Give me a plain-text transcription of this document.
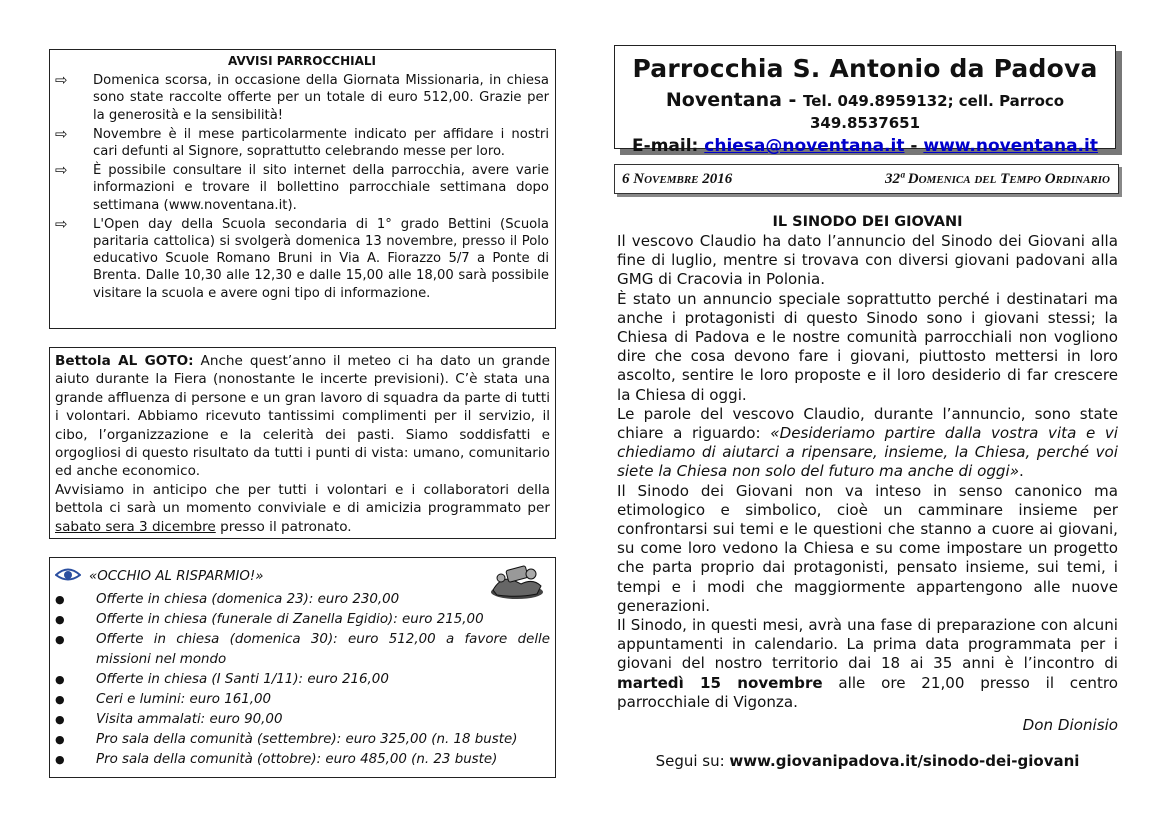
AVVISI PARROCCHIALI
⇨	Domenica scorsa, in occasione della Giornata Missionaria, in chiesa sono state raccolte offerte per un totale di euro 512,00. Grazie per la generosità e la sensibilità!
⇨	Novembre è il mese particolarmente indicato per affidare i nostri cari defunti al Signore, soprattutto celebrando messe per loro.
⇨	È possibile consultare il sito internet della parrocchia, avere varie informazioni e trovare il bollettino parrocchiale settimana dopo settimana (www.noventana.it).
⇨	L'Open day della Scuola secondaria di 1° grado Bettini (Scuola paritaria cattolica) si svolgerà domenica 13 novembre, presso il Polo educativo Scuole Romano Bruni in Via A. Fiorazzo 5/7 a Ponte di Brenta. Dalle 10,30 alle 12,30 e dalle 15,00 alle 18,00 sarà possibile visitare la scuola e avere ogni tipo di informazione.
Bettola AL GOTO: Anche quest’anno il meteo ci ha dato un grande aiuto durante la Fiera (nonostante le incerte previsioni). C’è stata una grande affluenza di persone e un gran lavoro di squadra da parte di tutti i volontari. Abbiamo ricevuto tantissimi complimenti per il servizio, il cibo, l’organizzazione e la celerità dei pasti. Siamo soddisfatti e orgogliosi di questo risultato da tutti i punti di vista: umano, comunitario ed anche economico.
Avvisiamo in anticipo che per tutti i volontari e i collaboratori della bettola ci sarà un momento conviviale e di amicizia programmato per sabato sera 3 dicembre presso il patronato.
«OCCHIO AL RISPARMIO!»
●	Offerte in chiesa (domenica 23): euro 230,00
●	Offerte in chiesa (funerale di Zanella Egidio): euro 215,00
●	Offerte in chiesa (domenica 30): euro 512,00 a favore delle missioni nel mondo
●	Offerte in chiesa (I Santi 1/11): euro 216,00
●	Ceri e lumini: euro 161,00
●	Visita ammalati: euro 90,00
●	Pro sala della comunità (settembre): euro 325,00 (n. 18 buste)
●	Pro sala della comunità (ottobre): euro 485,00 (n. 23 buste)
Parrocchia S. Antonio da Padova
Noventana - Tel. 049.8959132; cell. Parroco 349.8537651
E-mail: chiesa@noventana.it - www.noventana.it
6 Novembre 2016	32ª Domenica del Tempo Ordinario
IL SINODO DEI GIOVANI

Il vescovo Claudio ha dato l’annuncio del Sinodo dei Giovani alla fine di luglio, mentre si trovava con diversi giovani padovani alla GMG di Cracovia in Polonia.

È stato un annuncio speciale soprattutto perché i destinatari ma anche i protagonisti di questo Sinodo sono i giovani stessi; la Chiesa di Padova e le nostre comunità parrocchiali non vogliono dire che cosa devono fare i giovani, piuttosto mettersi in loro ascolto, sentire le loro proposte e il loro desiderio di far crescere la Chiesa di oggi.

Le parole del vescovo Claudio, durante l’annuncio, sono state chiare a riguardo: «Desideriamo partire dalla vostra vita e vi chiediamo di aiutarci a ripensare, insieme, la Chiesa, perché voi siete la Chiesa non solo del futuro ma anche di oggi».

Il Sinodo dei Giovani non va inteso in senso canonico ma etimologico e simbolico, cioè un camminare insieme per confrontarsi sui temi e le questioni che stanno a cuore ai giovani, su come loro vedono la Chiesa e su come impostare un progetto che parta proprio dai protagonisti, pensato insieme, sui temi, i tempi e i modi che maggiormente appartengono alle nuove generazioni.

Il Sinodo, in questi mesi, avrà una fase di preparazione con alcuni appuntamenti in calendario. La prima data programmata per i giovani del nostro territorio dai 18 ai 35 anni è l’incontro di martedì 15 novembre alle ore 21,00 presso il centro parrocchiale di Vigonza.

Don Dionisio
Segui su: www.giovanipadova.it/sinodo-dei-giovani
